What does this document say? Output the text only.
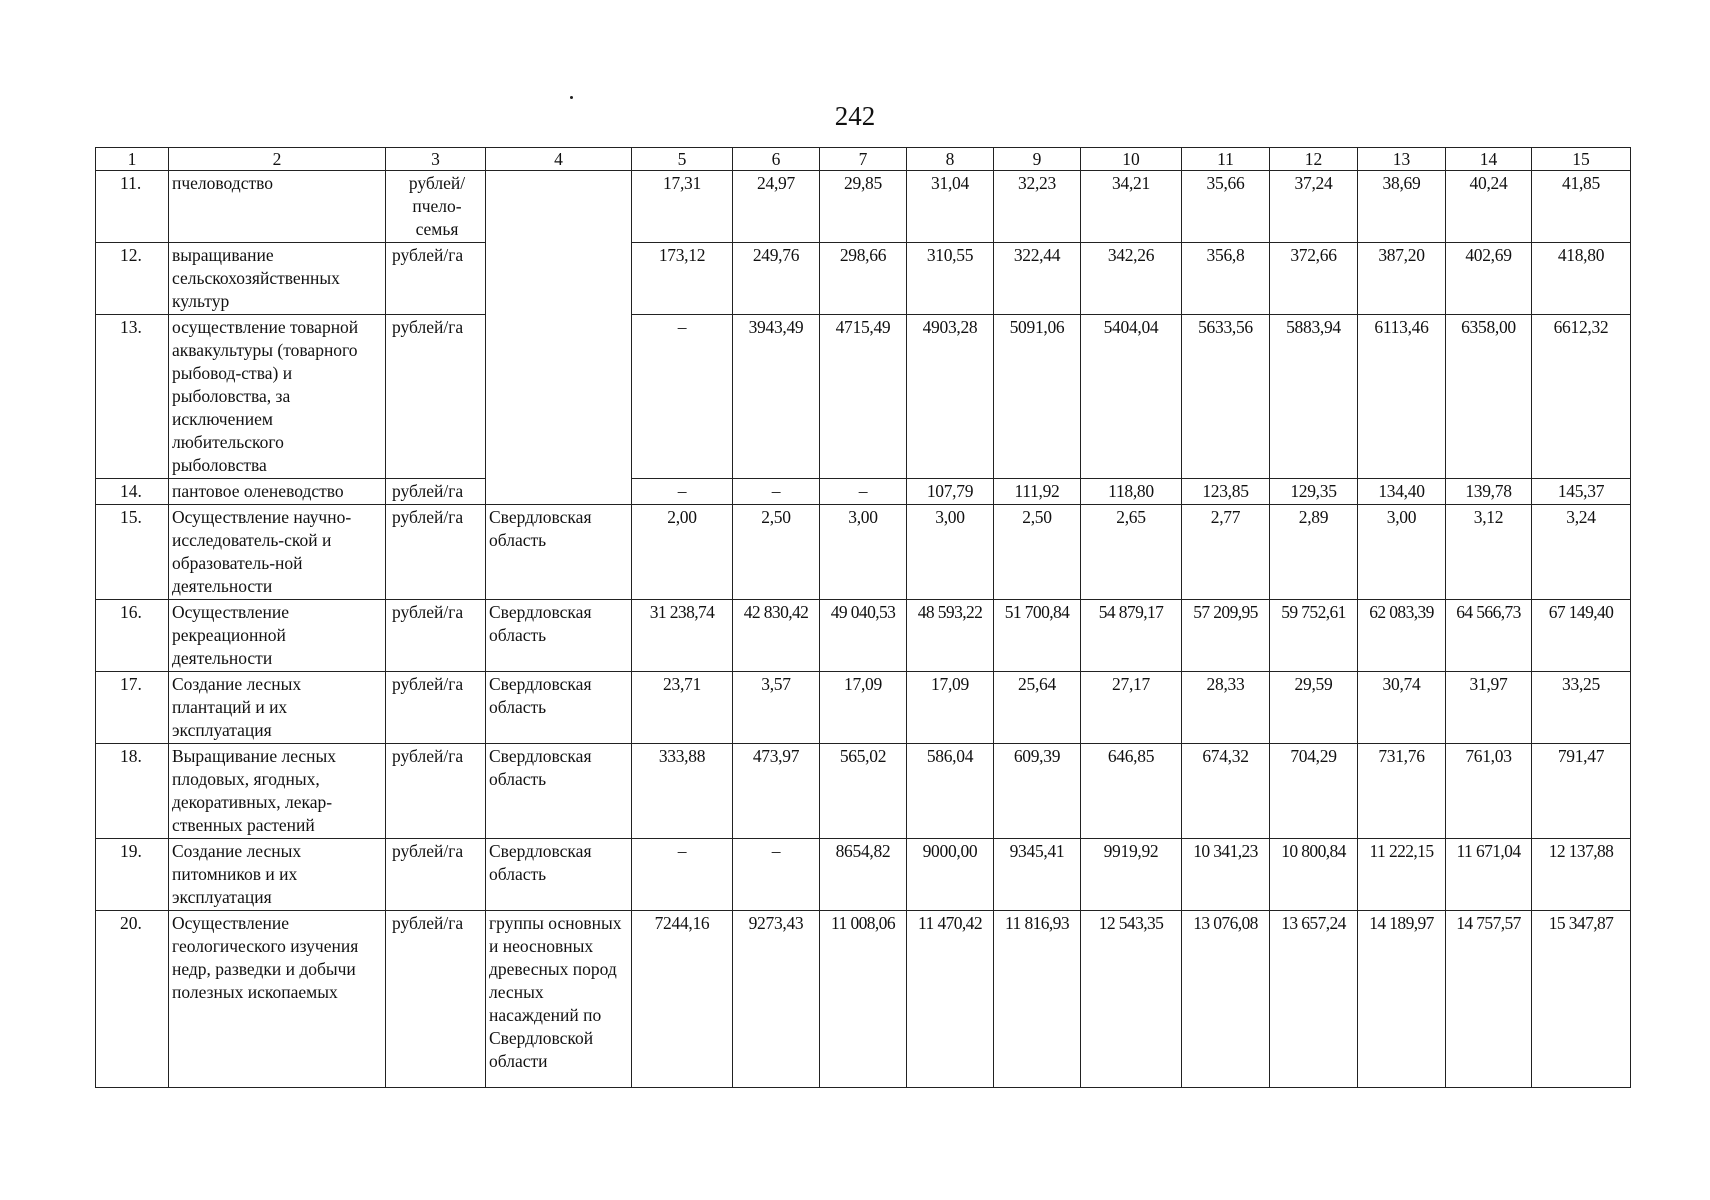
242
1	2	3	4	5	6	7	8	9	10	11	12	13	14	15
11.	пчеловодство	рублей/ пчело-семья		17,31	24,97	29,85	31,04	32,23	34,21	35,66	37,24	38,69	40,24	41,85
12.	выращивание сельскохозяйственных культур	рублей/га		173,12	249,76	298,66	310,55	322,44	342,26	356,8	372,66	387,20	402,69	418,80
13.	осуществление товарной аквакультуры (товарного рыбовод-ства) и рыболовства, за исключением любительского рыболовства	рублей/га		–	3943,49	4715,49	4903,28	5091,06	5404,04	5633,56	5883,94	6113,46	6358,00	6612,32
14.	пантовое оленеводство	рублей/га		–	–	–	107,79	111,92	118,80	123,85	129,35	134,40	139,78	145,37
15.	Осуществление научно-исследователь-ской и образователь-ной деятельности	рублей/га	Свердловская область	2,00	2,50	3,00	3,00	2,50	2,65	2,77	2,89	3,00	3,12	3,24
16.	Осуществление рекреационной деятельности	рублей/га	Свердловская область	31 238,74	42 830,42	49 040,53	48 593,22	51 700,84	54 879,17	57 209,95	59 752,61	62 083,39	64 566,73	67 149,40
17.	Создание лесных плантаций и их эксплуатация	рублей/га	Свердловская область	23,71	3,57	17,09	17,09	25,64	27,17	28,33	29,59	30,74	31,97	33,25
18.	Выращивание лесных плодовых, ягодных, декоративных, лекар-ственных растений	рублей/га	Свердловская область	333,88	473,97	565,02	586,04	609,39	646,85	674,32	704,29	731,76	761,03	791,47
19.	Создание лесных питомников и их эксплуатация	рублей/га	Свердловская область	–	–	8654,82	9000,00	9345,41	9919,92	10 341,23	10 800,84	11 222,15	11 671,04	12 137,88
20.	Осуществление геологического изучения недр, разведки и добычи полезных ископаемых	рублей/га	группы основных и неосновных древесных пород лесных насаждений по Свердловской области	7244,16	9273,43	11 008,06	11 470,42	11 816,93	12 543,35	13 076,08	13 657,24	14 189,97	14 757,57	15 347,87
